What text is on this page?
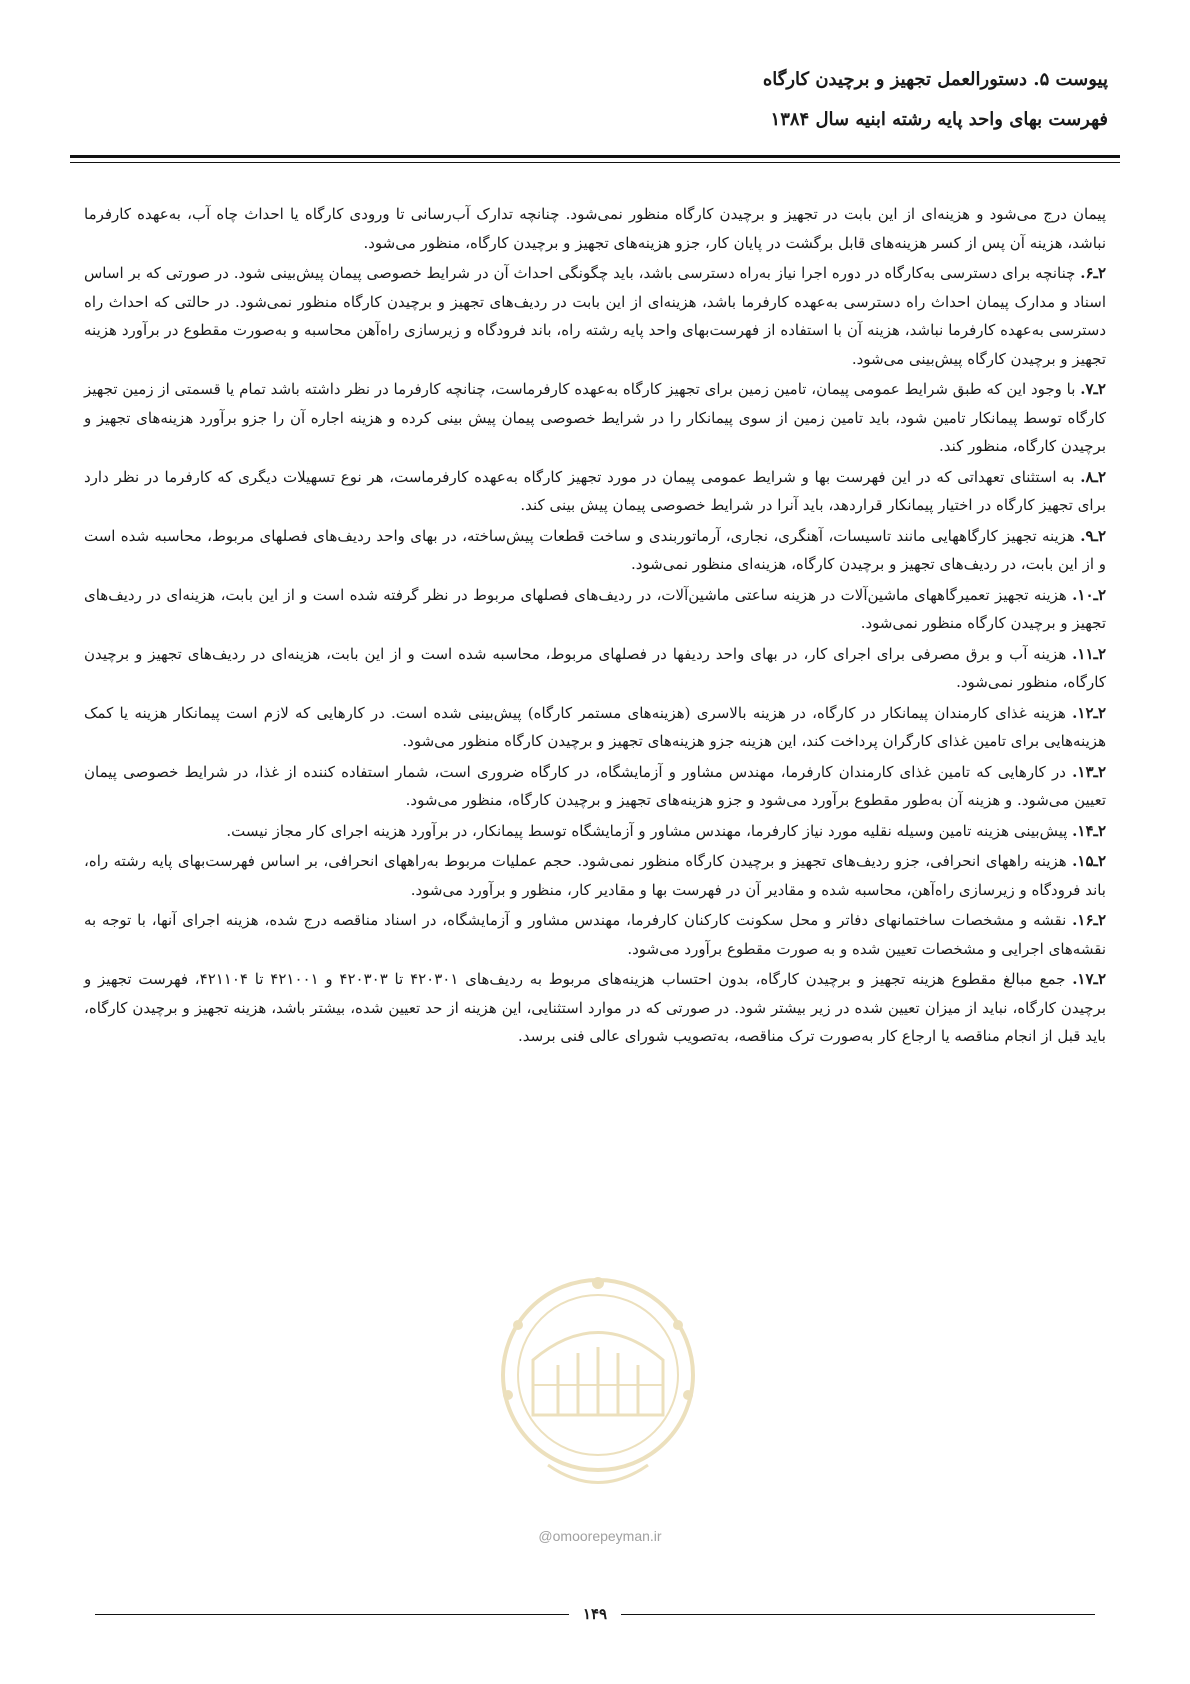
پیوست ۵. دستورالعمل تجهیز و برچیدن کارگاه
فهرست بهای واحد پایه رشته ابنیه سال ۱۳۸۴

پیمان درج می‌شود و هزینه‌ای از این بابت در تجهیز و برچیدن کارگاه منظور نمی‌شود. چنانچه تدارک آب‌رسانی تا ورودی کارگاه یا احداث چاه آب، به‌عهده کارفرما نباشد، هزینه آن پس از کسر هزینه‌های قابل برگشت در پایان کار، جزو هزینه‌های تجهیز و برچیدن کارگاه، منظور می‌شود.

۲ـ۶. چنانچه برای دسترسی به‌کارگاه در دوره اجرا نیاز به‌راه دسترسی باشد، باید چگونگی احداث آن در شرایط خصوصی پیمان پیش‌بینی شود. در صورتی که بر اساس اسناد و مدارک پیمان احداث راه دسترسی به‌عهده کارفرما باشد، هزینه‌ای از این بابت در ردیف‌های تجهیز و برچیدن کارگاه منظور نمی‌شود. در حالتی که احداث راه دسترسی به‌عهده کارفرما نباشد، هزینه آن با استفاده از فهرست‌بهای واحد پایه رشته راه، باند فرودگاه و زیرسازی راه‌آهن محاسبه و به‌صورت مقطوع در برآورد هزینه تجهیز و برچیدن کارگاه پیش‌بینی می‌شود.

۲ـ۷. با وجود این که طبق شرایط عمومی پیمان، تامین زمین برای تجهیز کارگاه به‌عهده کارفرماست، چنانچه کارفرما در نظر داشته باشد تمام یا قسمتی از زمین تجهیز کارگاه توسط پیمانکار تامین شود، باید تامین زمین از سوی پیمانکار را در شرایط خصوصی پیمان پیش بینی کرده و هزینه اجاره آن را جزو برآورد هزینه‌های تجهیز و برچیدن کارگاه، منظور کند.

۲ـ۸. به استثنای تعهداتی که در این فهرست بها و شرایط عمومی پیمان در مورد تجهیز کارگاه به‌عهده کارفرماست، هر نوع تسهیلات دیگری که کارفرما در نظر دارد برای تجهیز کارگاه در اختیار پیمانکار قراردهد، باید آنرا در شرایط خصوصی پیمان پیش بینی کند.

۲ـ۹. هزینه تجهیز کارگاههایی مانند تاسیسات، آهنگری، نجاری، آرماتوربندی و ساخت قطعات پیش‌ساخته، در بهای واحد ردیف‌های فصلهای مربوط، محاسبه شده است و از این بابت، در ردیف‌های تجهیز و برچیدن کارگاه، هزینه‌ای منظور نمی‌شود.

۲ـ۱۰. هزینه تجهیز تعمیرگاههای ماشین‌آلات در هزینه ساعتی ماشین‌آلات، در ردیف‌های فصلهای مربوط در نظر گرفته شده است و از این بابت، هزینه‌ای در ردیف‌های تجهیز و برچیدن کارگاه منظور نمی‌شود.

۲ـ۱۱. هزینه آب و برق مصرفی برای اجرای کار، در بهای واحد ردیفها در فصلهای مربوط، محاسبه شده است و از این بابت، هزینه‌ای در ردیف‌های تجهیز و برچیدن کارگاه، منظور نمی‌شود.

۲ـ۱۲. هزینه غذای کارمندان پیمانکار در کارگاه، در هزینه بالاسری (هزینه‌های مستمر کارگاه) پیش‌بینی شده است. در کارهایی که لازم است پیمانکار هزینه یا کمک هزینه‌هایی برای تامین غذای کارگران پرداخت کند، این هزینه جزو هزینه‌های تجهیز و برچیدن کارگاه منظور می‌شود.

۲ـ۱۳. در کارهایی که تامین غذای کارمندان کارفرما، مهندس مشاور و آزمایشگاه، در کارگاه ضروری است، شمار استفاده کننده از غذا، در شرایط خصوصی پیمان تعیین می‌شود. و هزینه آن به‌طور مقطوع برآورد می‌شود و جزو هزینه‌های تجهیز و برچیدن کارگاه، منظور می‌شود.

۲ـ۱۴. پیش‌بینی هزینه تامین وسیله نقلیه مورد نیاز کارفرما، مهندس مشاور و آزمایشگاه توسط پیمانکار، در برآورد هزینه اجرای کار مجاز نیست.

۲ـ۱۵. هزینه راههای انحرافی، جزو ردیف‌های تجهیز و برچیدن کارگاه منظور نمی‌شود. حجم عملیات مربوط به‌راههای انحرافی، بر اساس فهرست‌بهای پایه رشته راه، باند فرودگاه و زیرسازی راه‌آهن، محاسبه شده و مقادیر آن در فهرست بها و مقادیر کار، منظور و برآورد می‌شود.

۲ـ۱۶. نقشه و مشخصات ساختمانهای دفاتر و محل سکونت کارکنان کارفرما، مهندس مشاور و آزمایشگاه، در اسناد مناقصه درج شده، هزینه اجرای آنها، با توجه به نقشه‌های اجرایی و مشخصات تعیین شده و به صورت مقطوع برآورد می‌شود.

۲ـ۱۷. جمع مبالغ مقطوع هزینه تجهیز و برچیدن کارگاه، بدون احتساب هزینه‌های مربوط به ردیف‌های ۴۲۰۳۰۱ تا ۴۲۰۳۰۳ و ۴۲۱۰۰۱ تا ۴۲۱۱۰۴، فهرست تجهیز و برچیدن کارگاه، نباید از میزان تعیین شده در زیر بیشتر شود. در صورتی که در موارد استثنایی، این هزینه از حد تعیین شده، بیشتر باشد، هزینه تجهیز و برچیدن کارگاه، باید قبل از انجام مناقصه یا ارجاع کار به‌صورت ترک مناقصه، به‌تصویب شورای عالی فنی برسد.

@omoorepeyman.ir
۱۴۹
